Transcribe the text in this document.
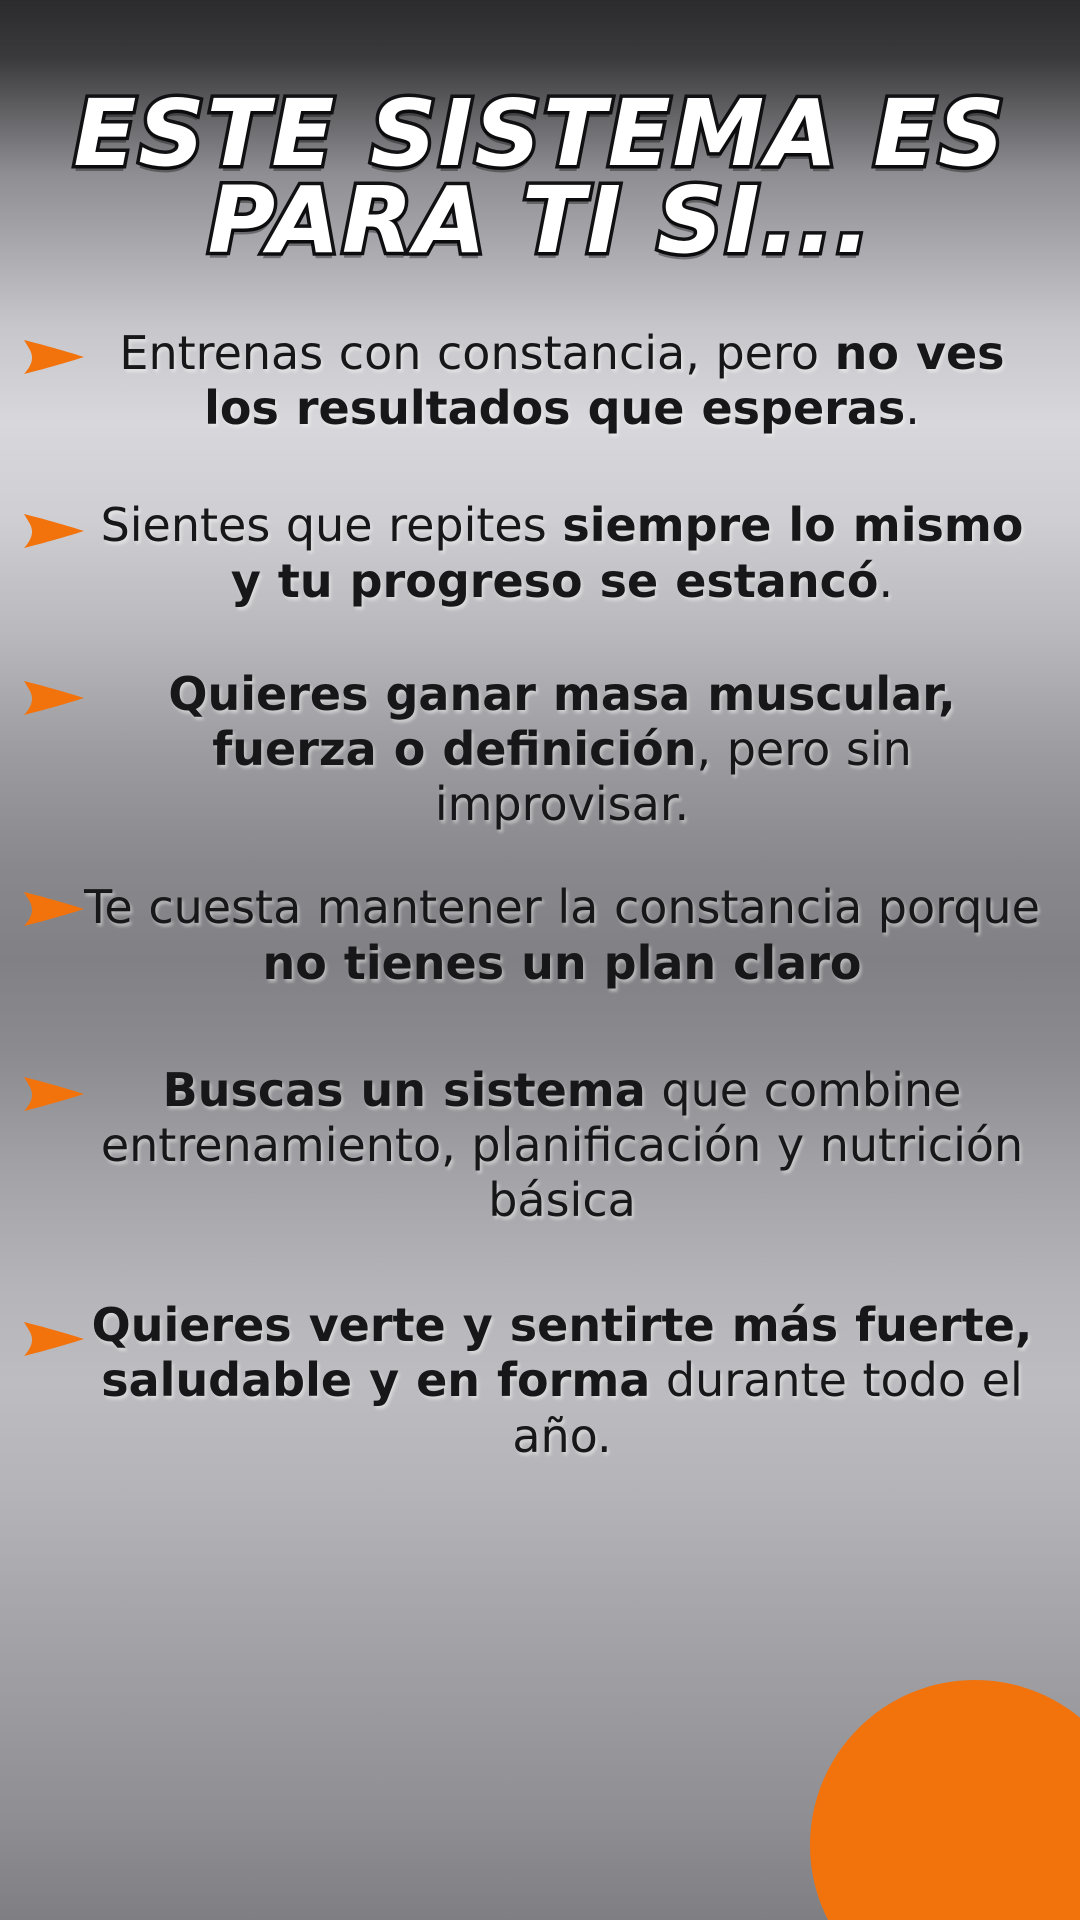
ESTE SISTEMA ES
PARA TI SI...
Entrenas con constancia, pero no ves los resultados que esperas.
Sientes que repites siempre lo mismo y tu progreso se estancó.
Quieres ganar masa muscular, fuerza o definición, pero sin improvisar.
Te cuesta mantener la constancia porque no tienes un plan claro
Buscas un sistema que combine entrenamiento, planificación y nutrición básica
Quieres verte y sentirte más fuerte, saludable y en forma durante todo el año.
